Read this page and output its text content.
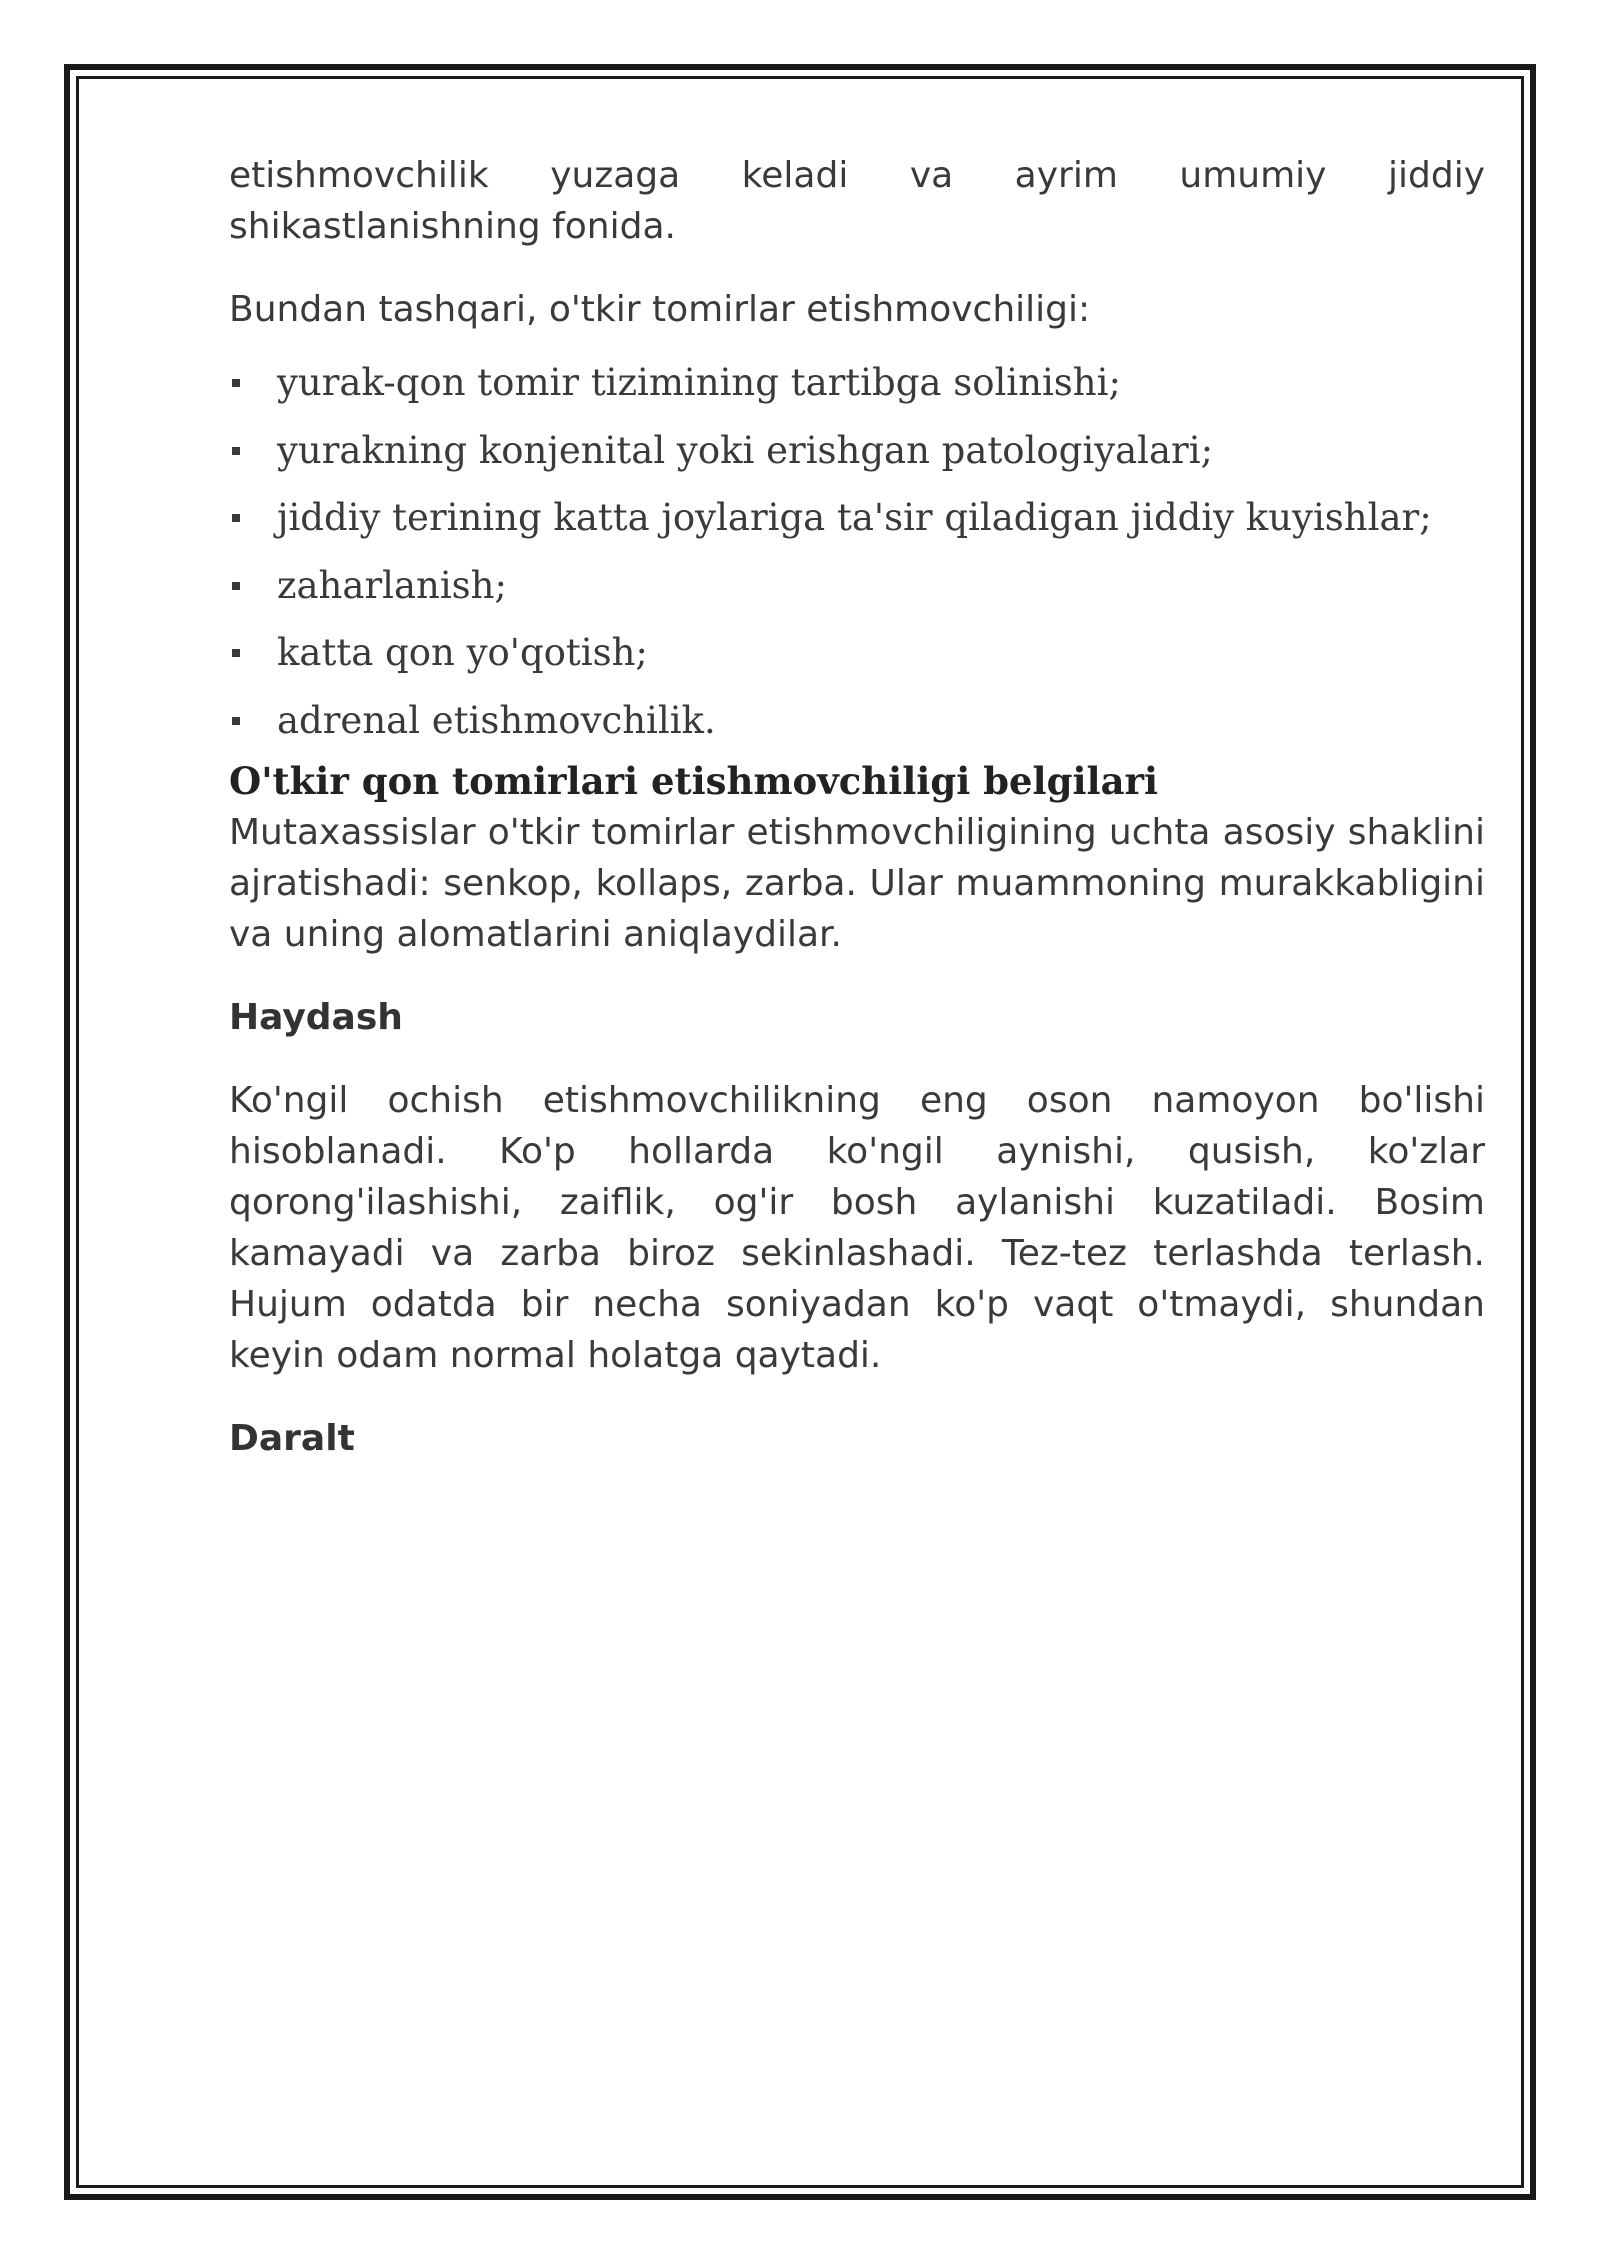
etishmovchilik yuzaga keladi va ayrim umumiy jiddiy shikastlanishning fonida.

Bundan tashqari, o'tkir tomirlar etishmovchiligi:

yurak-qon tomir tizimining tartibga solinishi;
yurakning konjenital yoki erishgan patologiyalari;
jiddiy terining katta joylariga ta'sir qiladigan jiddiy kuyishlar;
zaharlanish;
katta qon yo'qotish;
adrenal etishmovchilik.
O'tkir qon tomirlari etishmovchiligi belgilari

Mutaxassislar o'tkir tomirlar etishmovchiligining uchta asosiy shaklini ajratishadi: senkop, kollaps, zarba. Ular muammoning murakkabligini va uning alomatlarini aniqlaydilar.

Haydash

Ko'ngil ochish etishmovchilikning eng oson namoyon bo'lishi hisoblanadi. Ko'p hollarda ko'ngil aynishi, qusish, ko'zlar qorong'ilashishi, zaiflik, og'ir bosh aylanishi kuzatiladi. Bosim kamayadi va zarba biroz sekinlashadi. Tez-tez terlashda terlash. Hujum odatda bir necha soniyadan ko'p vaqt o'tmaydi, shundan keyin odam normal holatga qaytadi.

Daralt
